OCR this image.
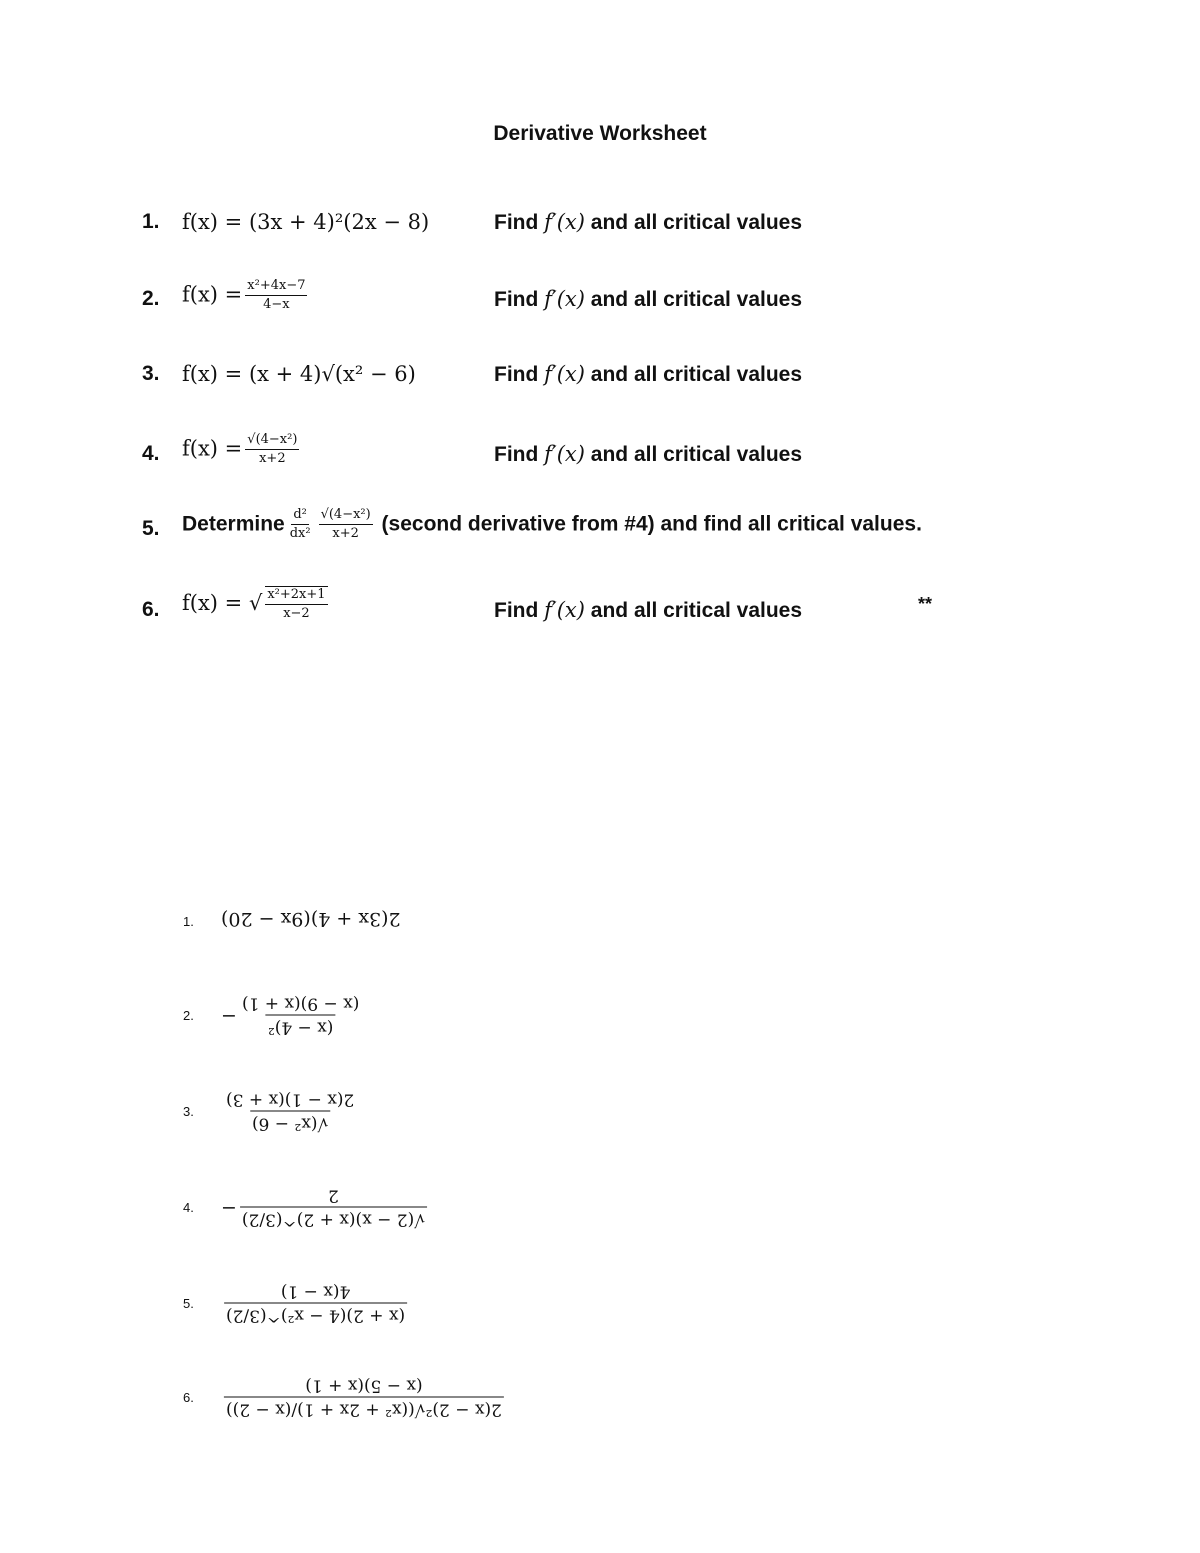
Derivative Worksheet
1. f(x) = (3x + 4)²(2x − 8)	Find f′(x) and all critical values
2. $f(x) = \frac{\text{x²+4x−7}}{4-x}$	Find f′(x) and all critical values
3. f(x) = (x + 4)√(x² − 6)	Find f′(x) and all critical values
4. $f(x) = \frac{\text{√(4−x²)}}{x+2}$	Find f′(x) and all critical values
5. Determine $\frac{\text{d²}}{\text{dx²}} \frac{\text{√(4−x²)}}{x+2}$ (second derivative from #4) and find all critical values.
6. f(x) = √ $\frac{\text{x²+2x+1}}{x-2}$	Find f′(x) and all critical values	**
1. 2(3x + 4)(9x − 20)
2.
(x − 4)²
(x − 9)(x + 1)
−
3.
√(x² − 6)
2(x − 1)(x + 3)
4.
√(2 − x)(x + 2)^(3/2)
2
−
5.
(x + 2)(4 − x²)^(3/2)
4(x − 1)
6.
2(x − 2)²√((x² + 2x + 1)/(x − 2))
(x − 5)(x + 1)
